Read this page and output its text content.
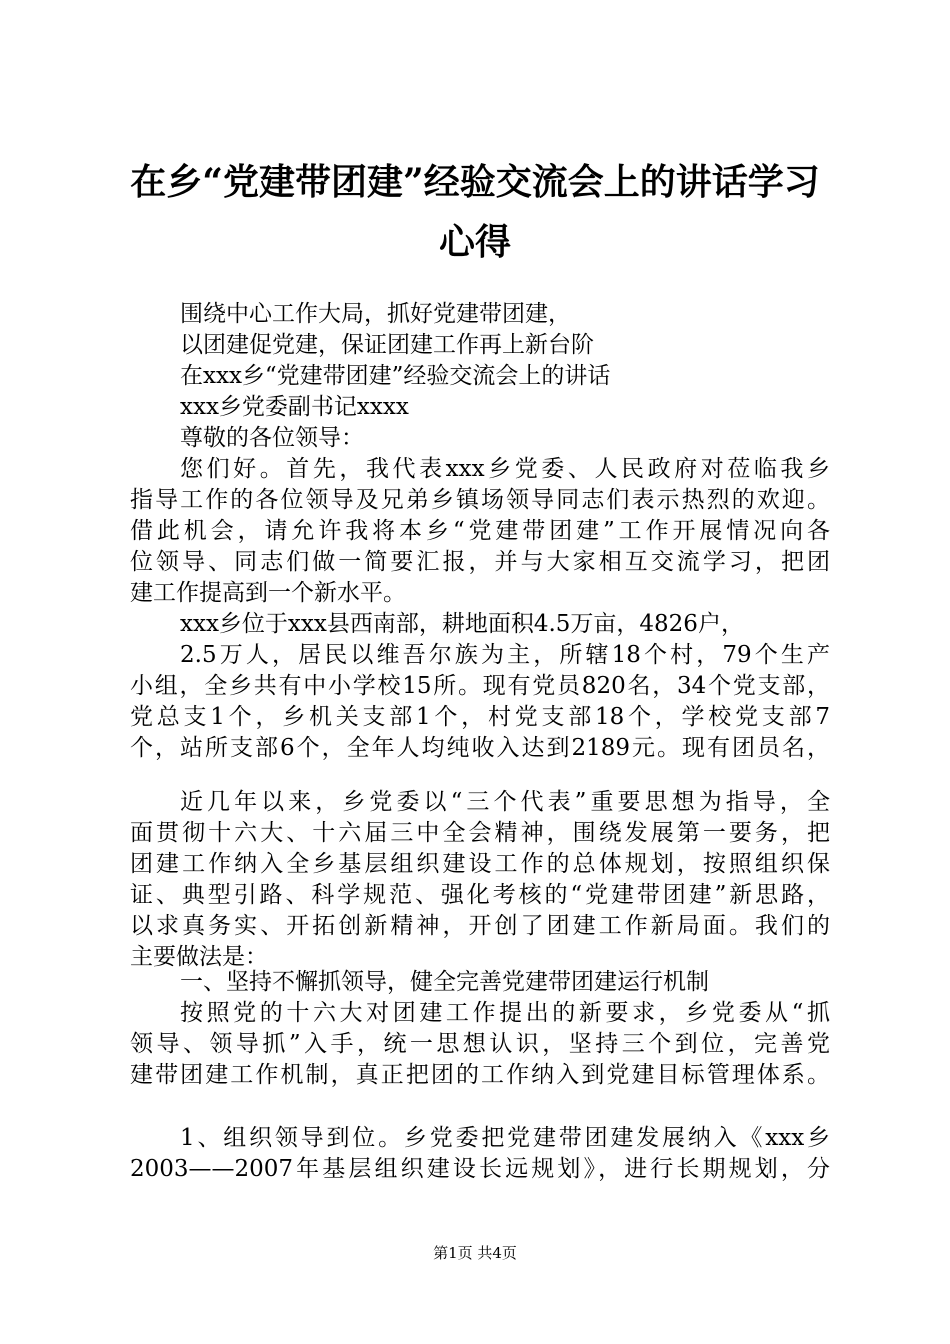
在乡“党建带团建”经验交流会上的讲话学习
心得
围绕中心工作大局，抓好党建带团建，
以团建促党建，保证团建工作再上新台阶
在xxx乡“党建带团建”经验交流会上的讲话
xxx乡党委副书记xxxx
尊敬的各位领导：
您们好。首先，我代表xxx乡党委、人民政府对莅临我乡
指导工作的各位领导及兄弟乡镇场领导同志们表示热烈的欢迎。
借此机会，请允许我将本乡“党建带团建”工作开展情况向各
位领导、同志们做一简要汇报，并与大家相互交流学习，把团
建工作提高到一个新水平。
xxx乡位于xxx县西南部，耕地面积4.5万亩，4826户，
2.5万人，居民以维吾尔族为主，所辖18个村，79个生产
小组，全乡共有中小学校15所。现有党员820名，34个党支部，
党总支1个，乡机关支部1个，村党支部18个，学校党支部7
个，站所支部6个，全年人均纯收入达到2189元。现有团员名，
近几年以来，乡党委以“三个代表”重要思想为指导，全
面贯彻十六大、十六届三中全会精神，围绕发展第一要务，把
团建工作纳入全乡基层组织建设工作的总体规划，按照组织保
证、典型引路、科学规范、强化考核的“党建带团建”新思路，
以求真务实、开拓创新精神，开创了团建工作新局面。我们的
主要做法是：
一、坚持不懈抓领导，健全完善党建带团建运行机制
按照党的十六大对团建工作提出的新要求，乡党委从“抓
领导、领导抓”入手，统一思想认识，坚持三个到位，完善党
建带团建工作机制，真正把团的工作纳入到党建目标管理体系。
1、组织领导到位。乡党委把党建带团建发展纳入《xxx乡
2003——2007年基层组织建设长远规划》，进行长期规划，分
第1页 共4页
